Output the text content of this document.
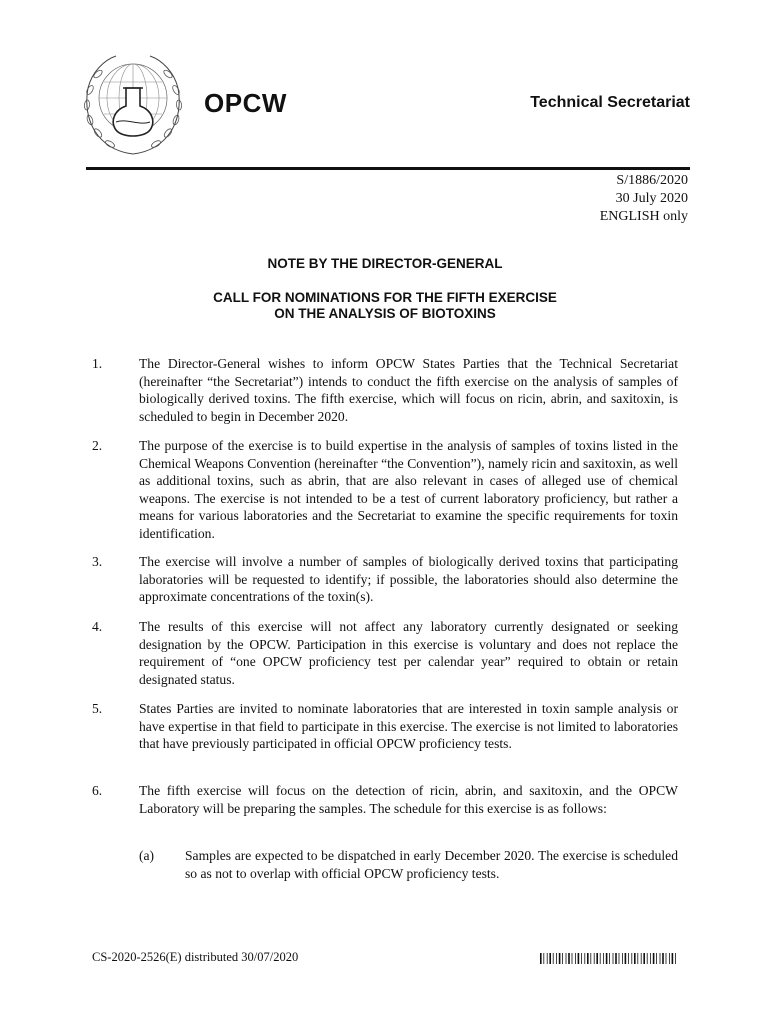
OPCW	Technical Secretariat
S/1886/2020
30 July 2020
ENGLISH only
NOTE BY THE DIRECTOR-GENERAL
CALL FOR NOMINATIONS FOR THE FIFTH EXERCISE
ON THE ANALYSIS OF BIOTOXINS
1.	The Director-General wishes to inform OPCW States Parties that the Technical Secretariat (hereinafter “the Secretariat”) intends to conduct the fifth exercise on the analysis of samples of biologically derived toxins. The fifth exercise, which will focus on ricin, abrin, and saxitoxin, is scheduled to begin in December 2020.
2.	The purpose of the exercise is to build expertise in the analysis of samples of toxins listed in the Chemical Weapons Convention (hereinafter “the Convention”), namely ricin and saxitoxin, as well as additional toxins, such as abrin, that are also relevant in cases of alleged use of chemical weapons. The exercise is not intended to be a test of current laboratory proficiency, but rather a means for various laboratories and the Secretariat to examine the specific requirements for toxin identification.
3.	The exercise will involve a number of samples of biologically derived toxins that participating laboratories will be requested to identify; if possible, the laboratories should also determine the approximate concentrations of the toxin(s).
4.	The results of this exercise will not affect any laboratory currently designated or seeking designation by the OPCW. Participation in this exercise is voluntary and does not replace the requirement of “one OPCW proficiency test per calendar year” required to obtain or retain designated status.
5.	States Parties are invited to nominate laboratories that are interested in toxin sample analysis or have expertise in that field to participate in this exercise. The exercise is not limited to laboratories that have previously participated in official OPCW proficiency tests.
6.	The fifth exercise will focus on the detection of ricin, abrin, and saxitoxin, and the OPCW Laboratory will be preparing the samples. The schedule for this exercise is as follows:
(a) Samples are expected to be dispatched in early December 2020. The exercise is scheduled so as not to overlap with official OPCW proficiency tests.
CS-2020-2526(E) distributed 30/07/2020
